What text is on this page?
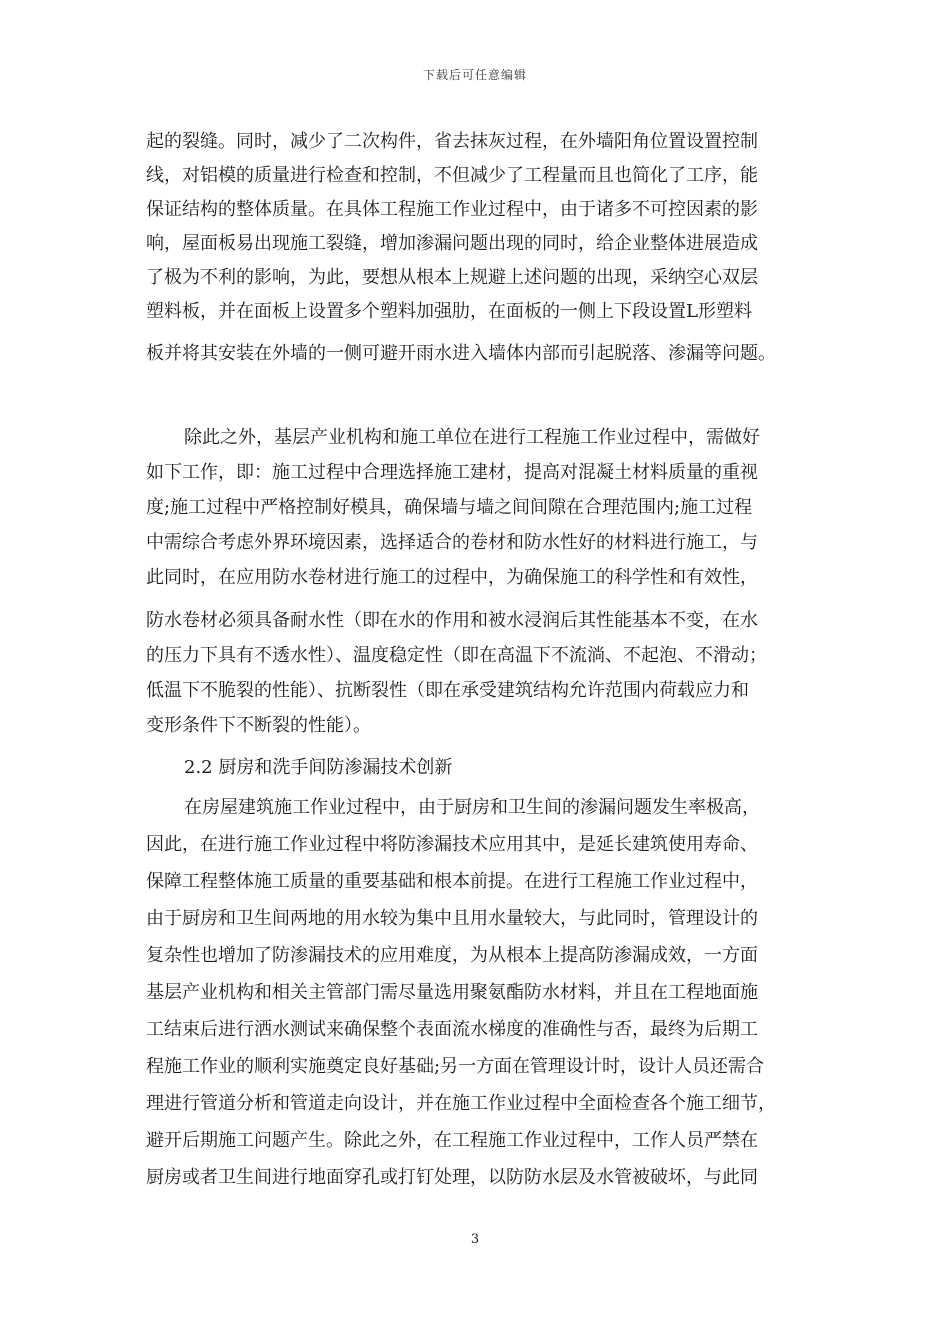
下载后可任意编辑
起的裂缝。同时，减少了二次构件，省去抹灰过程，在外墙阳角位置设置控制
线，对铝模的质量进行检查和控制，不但减少了工程量而且也简化了工序，能
保证结构的整体质量。在具体工程施工作业过程中，由于诸多不可控因素的影
响，屋面板易出现施工裂缝，增加渗漏问题出现的同时，给企业整体进展造成
了极为不利的影响，为此，要想从根本上规避上述问题的出现，采纳空心双层
塑料板，并在面板上设置多个塑料加强肋，在面板的一侧上下段设置L形塑料
板并将其安装在外墙的一侧可避开雨水进入墙体内部而引起脱落、渗漏等问题。
除此之外，基层产业机构和施工单位在进行工程施工作业过程中，需做好
如下工作，即：施工过程中合理选择施工建材，提高对混凝土材料质量的重视
度;施工过程中严格控制好模具，确保墙与墙之间间隙在合理范围内;施工过程
中需综合考虑外界环境因素，选择适合的卷材和防水性好的材料进行施工，与
此同时，在应用防水卷材进行施工的过程中，为确保施工的科学性和有效性，
防水卷材必须具备耐水性（即在水的作用和被水浸润后其性能基本不变，在水
的压力下具有不透水性）、温度稳定性（即在高温下不流淌、不起泡、不滑动；
低温下不脆裂的性能）、抗断裂性（即在承受建筑结构允许范围内荷载应力和
变形条件下不断裂的性能）。
2.2 厨房和洗手间防渗漏技术创新
在房屋建筑施工作业过程中，由于厨房和卫生间的渗漏问题发生率极高，
因此，在进行施工作业过程中将防渗漏技术应用其中，是延长建筑使用寿命、
保障工程整体施工质量的重要基础和根本前提。在进行工程施工作业过程中，
由于厨房和卫生间两地的用水较为集中且用水量较大，与此同时，管理设计的
复杂性也增加了防渗漏技术的应用难度，为从根本上提高防渗漏成效，一方面
基层产业机构和相关主管部门需尽量选用聚氨酯防水材料，并且在工程地面施
工结束后进行洒水测试来确保整个表面流水梯度的准确性与否，最终为后期工
程施工作业的顺利实施奠定良好基础;另一方面在管理设计时，设计人员还需合
理进行管道分析和管道走向设计，并在施工作业过程中全面检查各个施工细节，
避开后期施工问题产生。除此之外，在工程施工作业过程中，工作人员严禁在
厨房或者卫生间进行地面穿孔或打钉处理，以防防水层及水管被破坏，与此同
3
